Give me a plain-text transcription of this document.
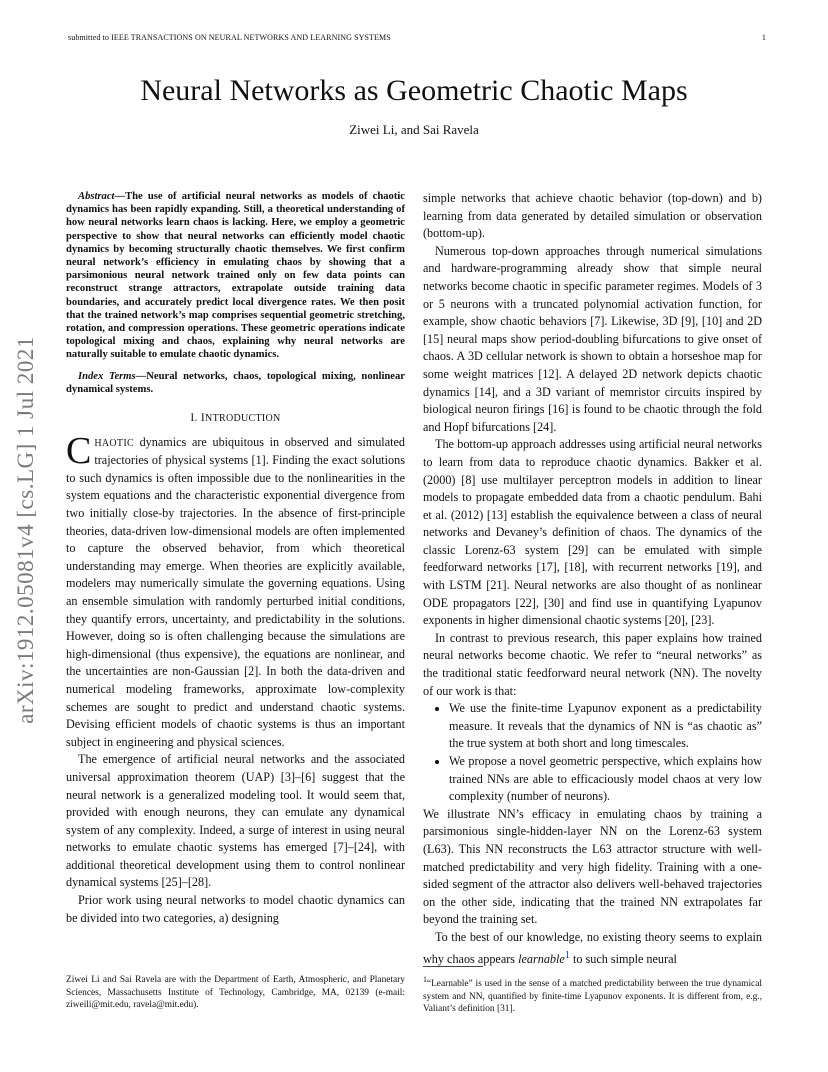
submitted to IEEE TRANSACTIONS ON NEURAL NETWORKS AND LEARNING SYSTEMS	1
arXiv:1912.05081v4 [cs.LG] 1 Jul 2021
Neural Networks as Geometric Chaotic Maps
Ziwei Li, and Sai Ravela

Abstract—The use of artificial neural networks as models of chaotic dynamics has been rapidly expanding. Still, a theoretical understanding of how neural networks learn chaos is lacking. Here, we employ a geometric perspective to show that neural networks can efficiently model chaotic dynamics by becoming structurally chaotic themselves. We first confirm neural network’s efficiency in emulating chaos by showing that a parsimonious neural network trained only on few data points can reconstruct strange attractors, extrapolate outside training data boundaries, and accurately predict local divergence rates. We then posit that the trained network’s map comprises sequential geometric stretching, rotation, and compression operations. These geometric operations indicate topological mixing and chaos, explaining why neural networks are naturally suitable to emulate chaotic dynamics.

Index Terms—Neural networks, chaos, topological mixing, nonlinear dynamical systems.

I. INTRODUCTION

CHAOTIC dynamics are ubiquitous in observed and simulated trajectories of physical systems [1]. Finding the exact solutions to such dynamics is often impossible due to the nonlinearities in the system equations and the characteristic exponential divergence from two initially close-by trajectories. In the absence of first-principle theories, data-driven low-dimensional models are often implemented to capture the observed behavior, from which theoretical understanding may emerge. When theories are explicitly available, modelers may numerically simulate the governing equations. Using an ensemble simulation with randomly perturbed initial conditions, they quantify errors, uncertainty, and predictability in the solutions. However, doing so is often challenging because the simulations are high-dimensional (thus expensive), the equations are nonlinear, and the uncertainties are non-Gaussian [2]. In both the data-driven and numerical modeling frameworks, approximate low-complexity schemes are sought to predict and understand chaotic systems. Devising efficient models of chaotic systems is thus an important subject in engineering and physical sciences.

The emergence of artificial neural networks and the associated universal approximation theorem (UAP) [3]–[6] suggest that the neural network is a generalized modeling tool. It would seem that, provided with enough neurons, they can emulate any dynamical system of any complexity. Indeed, a surge of interest in using neural networks to emulate chaotic systems has emerged [7]–[24], with additional theoretical development using them to control nonlinear dynamical systems [25]–[28].

Prior work using neural networks to model chaotic dynamics can be divided into two categories, a) designing

simple networks that achieve chaotic behavior (top-down) and b) learning from data generated by detailed simulation or observation (bottom-up).

Numerous top-down approaches through numerical simulations and hardware-programming already show that simple neural networks become chaotic in specific parameter regimes. Models of 3 or 5 neurons with a truncated polynomial activation function, for example, show chaotic behaviors [7]. Likewise, 3D [9], [10] and 2D [15] neural maps show period-doubling bifurcations to give onset of chaos. A 3D cellular network is shown to obtain a horseshoe map for some weight matrices [12]. A delayed 2D network depicts chaotic dynamics [14], and a 3D variant of memristor circuits inspired by biological neuron firings [16] is found to be chaotic through the fold and Hopf bifurcations [24].

The bottom-up approach addresses using artificial neural networks to learn from data to reproduce chaotic dynamics. Bakker et al. (2000) [8] use multilayer perceptron models in addition to linear models to propagate embedded data from a chaotic pendulum. Bahi et al. (2012) [13] establish the equivalence between a class of neural networks and Devaney’s definition of chaos. The dynamics of the classic Lorenz-63 system [29] can be emulated with simple feedforward networks [17], [18], with recurrent networks [19], and with LSTM [21]. Neural networks are also thought of as nonlinear ODE propagators [22], [30] and find use in quantifying Lyapunov exponents in higher dimensional chaotic systems [20], [23].

In contrast to previous research, this paper explains how trained neural networks become chaotic. We refer to “neural networks” as the traditional static feedforward neural network (NN). The novelty of our work is that:

• We use the finite-time Lyapunov exponent as a predictability measure. It reveals that the dynamics of NN is “as chaotic as” the true system at both short and long timescales.
• We propose a novel geometric perspective, which explains how trained NNs are able to efficaciously model chaos at very low complexity (number of neurons).

We illustrate NN’s efficacy in emulating chaos by training a parsimonious single-hidden-layer NN on the Lorenz-63 system (L63). This NN reconstructs the L63 attractor structure with well-matched predictability and very high fidelity. Training with a one-sided segment of the attractor also delivers well-behaved trajectories on the other side, indicating that the trained NN extrapolates far beyond the training set.

To the best of our knowledge, no existing theory seems to explain why chaos appears learnable$^1$ to such simple neural

Ziwei Li and Sai Ravela are with the Department of Earth, Atmospheric, and Planetary Sciences, Massachusetts Institute of Technology, Cambridge, MA, 02139 (e-mail: ziweili@mit.edu, ravela@mit.edu).
$^1$“Learnable” is used in the sense of a matched predictability between the true dynamical system and NN, quantified by finite-time Lyapunov exponents. It is different from, e.g., Valiant’s definition [31].
